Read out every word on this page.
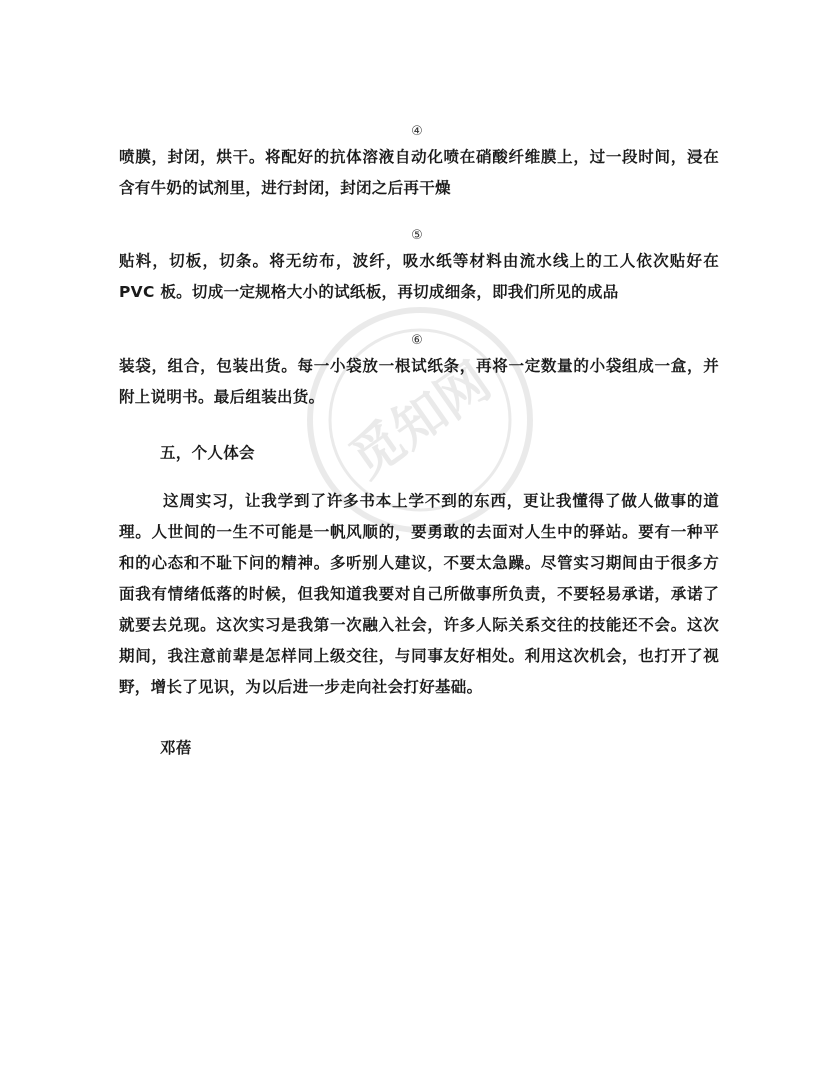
觅知网
④

喷膜，封闭，烘干。将配好的抗体溶液自动化喷在硝酸纤维膜上，过一段时间，浸在含有牛奶的试剂里，进行封闭，封闭之后再干燥

⑤

贴料，切板，切条。将无纺布，波纤，吸水纸等材料由流水线上的工人依次贴好在 PVC 板。切成一定规格大小的试纸板，再切成细条，即我们所见的成品

⑥

装袋，组合，包装出货。每一小袋放一根试纸条，再将一定数量的小袋组成一盒，并附上说明书。最后组装出货。

五，个人体会

这周实习，让我学到了许多书本上学不到的东西，更让我懂得了做人做事的道理。人世间的一生不可能是一帆风顺的，要勇敢的去面对人生中的驿站。要有一种平和的心态和不耻下问的精神。多听别人建议，不要太急躁。尽管实习期间由于很多方面我有情绪低落的时候，但我知道我要对自己所做事所负责，不要轻易承诺，承诺了就要去兑现。这次实习是我第一次融入社会，许多人际关系交往的技能还不会。这次期间，我注意前辈是怎样同上级交往，与同事友好相处。利用这次机会，也打开了视野，增长了见识，为以后进一步走向社会打好基础。

邓蓓
